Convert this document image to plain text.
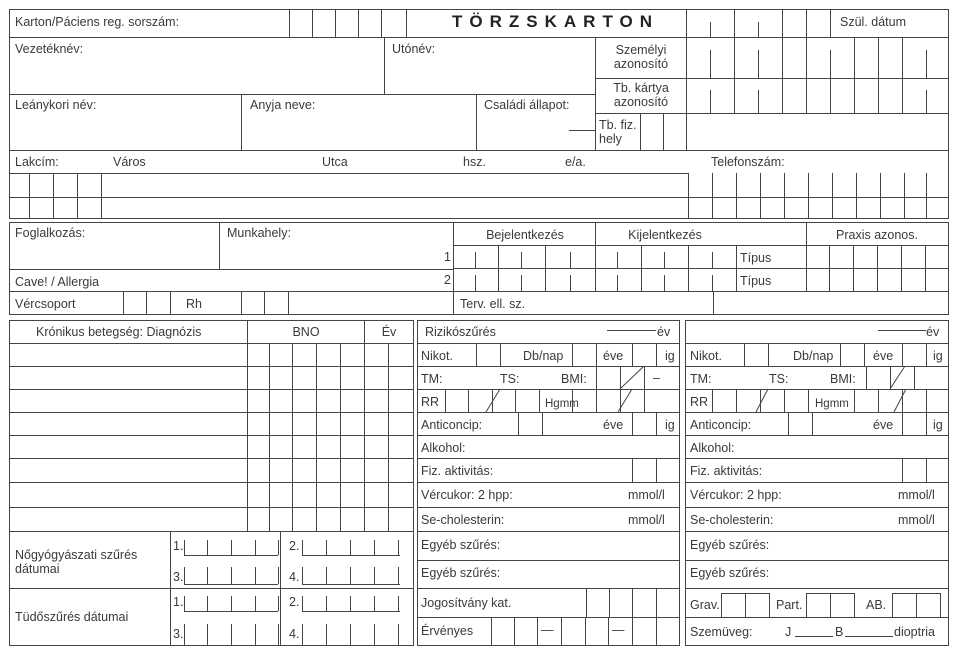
Karton/Páciens reg. sorszám:	TÖRZSKARTON	Szül. dátum
Vezetéknév:	Utónév:	Személyi
azonosító
Tb. kártya
azonosító
Tb. fiz.
hely
Leánykori név:	Anyja neve:	Családi állapot:
Lakcím:	Város	Utca	hsz.	e/a.	Telefonszám:
Foglalkozás:	Munkahely:	Bejelentkezés	Kijelentkezés	Praxis azonos.
1
2
Típus
Típus
Cave! / Allergia
Vércsoport	Rh	Terv. ell. sz.
Krónikus betegség: Diagnózis	BNO	Év
Nőgyógyászati szűrés
dátumai
Tüdőszűrés dátumai
1.	2.
3.	4.
1.	2.
3.	4.
Rizikószűrés	év
Nikot.	Db/nap	éve	ig
TM:	TS:	BMI:	–
RR	Hgmm
Anticoncip:	éve	ig
Alkohol:
Fiz. aktivitás:
Vércukor: 2 hpp:	mmol/l
Se-cholesterin:	mmol/l
Egyéb szűrés:
Egyéb szűrés:
Jogosítvány kat.
Érvényes	—	—
év
Nikot.	Db/nap	éve	ig
TM:	TS:	BMI:
RR	Hgmm
Anticoncip:	éve	ig
Alkohol:
Fiz. aktivitás:
Vércukor: 2 hpp:	mmol/l
Se-cholesterin:	mmol/l
Egyéb szűrés:
Egyéb szűrés:
Grav.	Part.	AB.
Szemüveg:	J	B	dioptria
